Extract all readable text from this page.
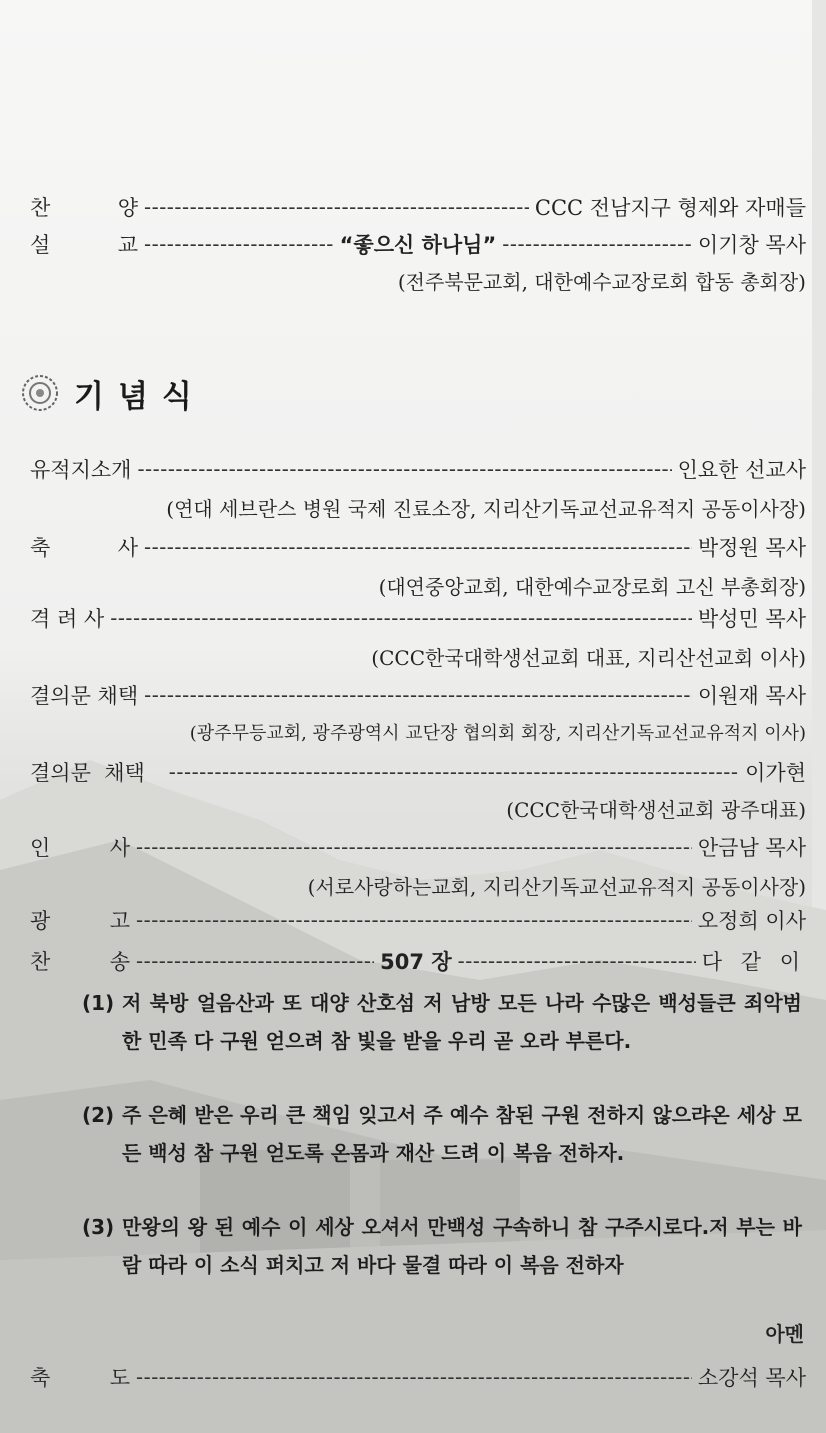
찬	양 -----	CCC 전남지구 형제와 자매들
설	교 -----	“좋으신 하나님” -----	이기창 목사
(전주북문교회, 대한예수교장로회 합동 총회장)
기념식
유적지소개 -----	인요한 선교사
(연대 세브란스 병원 국제 진료소장, 지리산기독교선교유적지 공동이사장)
축	사 -----	박정원 목사
(대연중앙교회, 대한예수교장로회 고신 부총회장)
격 려 사 -----	박성민 목사
(CCC한국대학생선교회 대표, 지리산선교회 이사)
결의문 채택 -----	이원재 목사
(광주무등교회, 광주광역시 교단장 협의회 회장, 지리산기독교선교유적지 이사)
결의문  채택 -----	이가현
(CCC한국대학생선교회 광주대표)
인	사 -----	안금남 목사
(서로사랑하는교회, 지리산기독교선교유적지 공동이사장)
광	고 -----	오정희 이사
찬	송 -----	507 장 -----	다 같 이
(1) 저 북방 얼음산과 또 대양 산호섬 저 남방 모든 나라 수많은 백성들큰 죄악범한 민족 다 구원 얻으려 참 빛을 받을 우리 곧 오라 부른다.
(2) 주 은혜 받은 우리 큰 책임 잊고서 주 예수 참된 구원 전하지 않으랴온 세상 모든 백성 참 구원 얻도록 온몸과 재산 드려 이 복음 전하자.
(3) 만왕의 왕 된 예수 이 세상 오셔서 만백성 구속하니 참 구주시로다.저 부는 바람 따라 이 소식 퍼치고 저 바다 물결 따라 이 복음 전하자
아멘
축	도 -----	소강석 목사
